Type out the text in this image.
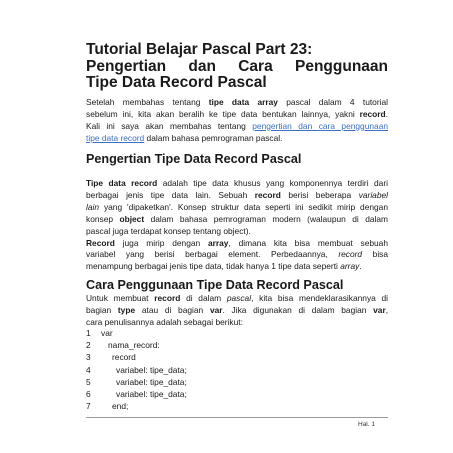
Tutorial Belajar Pascal Part 23:
Pengertian dan Cara Penggunaan
Tipe Data Record Pascal
Setelah membahas tentang tipe data array pascal dalam 4 tutorial
sebelum ini, kita akan beralih ke tipe data bentukan lainnya, yakni record.
Kali ini saya akan membahas tentang pengertian dan cara penggunaan
tipe data record dalam bahasa pemrograman pascal.
Pengertian Tipe Data Record Pascal
Tipe data record adalah tipe data khusus yang komponennya terdiri dari
berbagai jenis tipe data lain. Sebuah record berisi beberapa variabel
lain yang 'dipaketkan'. Konsep struktur data seperti ini sedikit mirip dengan
konsep object dalam bahasa pemrograman modern (walaupun di dalam
pascal juga terdapat konsep tentang object).
Record juga mirip dengan array, dimana kita bisa membuat sebuah
variabel yang berisi berbagai element. Perbedaannya, record bisa
menampung berbagai jenis tipe data, tidak hanya 1 tipe data seperti array.
Cara Penggunaan Tipe Data Record Pascal
Untuk membuat record di dalam pascal, kita bisa mendeklarasikannya di
bagian type atau di bagian var. Jika digunakan di dalam bagian var,
cara penulisannya adalah sebagai berikut:
1	var
2	nama_record:
3	record
4	variabel: tipe_data;
5	variabel: tipe_data;
6	variabel: tipe_data;
7	end;
Hal. 1
